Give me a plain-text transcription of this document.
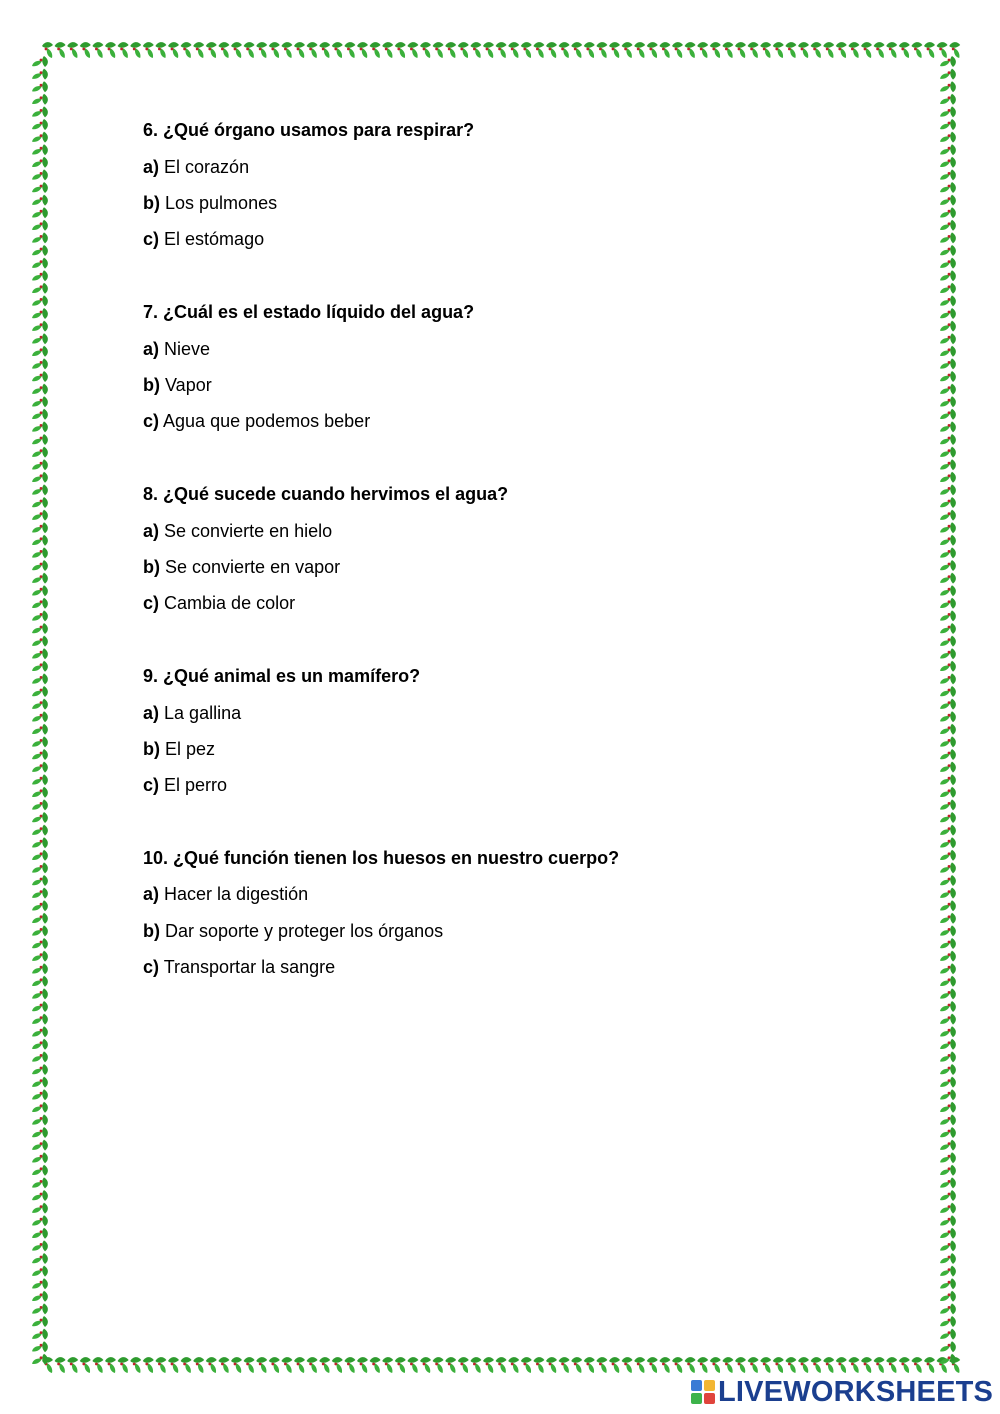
6. ¿Qué órgano usamos para respirar?
a) El corazón
b) Los pulmones
c) El estómago
7. ¿Cuál es el estado líquido del agua?
a) Nieve
b) Vapor
c) Agua que podemos beber
8. ¿Qué sucede cuando hervimos el agua?
a) Se convierte en hielo
b) Se convierte en vapor
c) Cambia de color
9. ¿Qué animal es un mamífero?
a) La gallina
b) El pez
c) El perro
10. ¿Qué función tienen los huesos en nuestro cuerpo?
a) Hacer la digestión
b) Dar soporte y proteger los órganos
c) Transportar la sangre
LIVEWORKSHEETS
